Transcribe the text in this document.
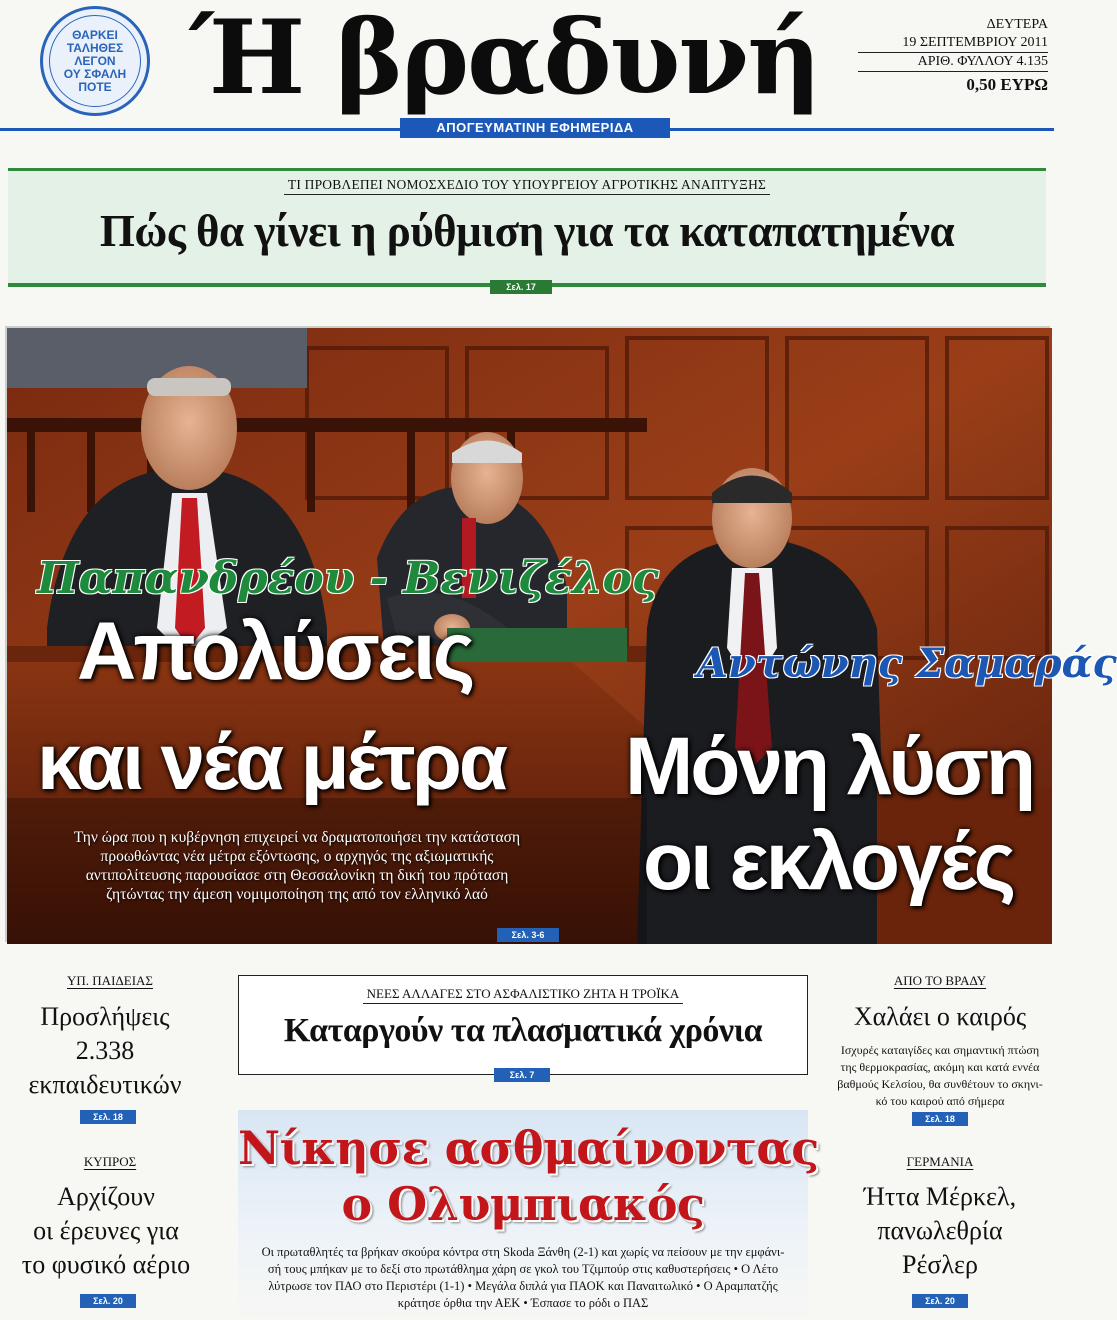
ΘΑΡΚΕΙ
ΤΑΛΗΘΕΣ
ΛΕΓΟΝ
ΟΥ ΣΦΑΛΗ
ΠΟΤΕ Ή βραδυνή
ΑΠΟΓΕΥΜΑΤΙΝΗ ΕΦΗΜΕΡΙΔΑ
ΔΕΥΤΕΡΑ
19 ΣΕΠΤΕΜΒΡΙΟΥ 2011
ΑΡΙΘ. ΦΥΛΛΟΥ 4.135
0,50 ΕΥΡΩ
ΤΙ ΠΡΟΒΛΕΠΕΙ ΝΟΜΟΣΧΕΔΙΟ ΤΟΥ ΥΠΟΥΡΓΕΙΟΥ ΑΓΡΟΤΙΚΗΣ ΑΝΑΠΤΥΞΗΣ
Πώς θα γίνει η ρύθμιση για τα καταπατημένα
Σελ. 17
Παπανδρέου - Βενιζέλος
Απολύσεις
και νέα μέτρα
Αντώνης Σαμαράς
Μόνη λύση
οι εκλογές
Την ώρα που η κυβέρνηση επιχειρεί να δραματοποιήσει την κατάσταση
προωθώντας νέα μέτρα εξόντωσης, ο αρχηγός της αξιωματικής
αντιπολίτευσης παρουσίασε στη Θεσσαλονίκη τη δική του πρόταση
ζητώντας την άμεση νομιμοποίηση της από τον ελληνικό λαό
Σελ. 3-6
ΥΠ. ΠΑΙΔΕΙΑΣ
Προσλήψεις
2.338
εκπαιδευτικών
Σελ. 18
ΚΥΠΡΟΣ
Αρχίζουν
οι έρευνες για
το φυσικό αέριο
Σελ. 20
ΝΕΕΣ ΑΛΛΑΓΕΣ ΣΤΟ ΑΣΦΑΛΙΣΤΙΚΟ ΖΗΤΑ Η ΤΡΟΪΚΑ
Καταργούν τα πλασματικά χρόνια
Σελ. 7
Νίκησε ασθμαίνοντας
ο Ολυμπιακός
Οι πρωταθλητές τα βρήκαν σκούρα κόντρα στη Skoda Ξάνθη (2-1) και χωρίς να πείσουν με την εμφάνι-
σή τους μπήκαν με το δεξί στο πρωτάθλημα χάρη σε γκολ του Τζιμπούρ στις καθυστερήσεις • Ο Λέτο
λύτρωσε τον ΠΑΟ στο Περιστέρι (1-1) • Μεγάλα διπλά για ΠΑΟΚ και Παναιτωλικό • Ο Αραμπατζής
κράτησε όρθια την ΑΕΚ • Έσπασε το ρόδι ο ΠΑΣ
ΑΠΟ ΤΟ ΒΡΑΔΥ
Χαλάει ο καιρός
Ισχυρές καταιγίδες και σημαντική πτώση
της θερμοκρασίας, ακόμη και κατά εννέα
βαθμούς Κελσίου, θα συνθέτουν το σκηνι-
κό του καιρού από σήμερα
Σελ. 18
ΓΕΡΜΑΝΙΑ
Ήττα Μέρκελ,
πανωλεθρία
Ρέσλερ
Σελ. 20
